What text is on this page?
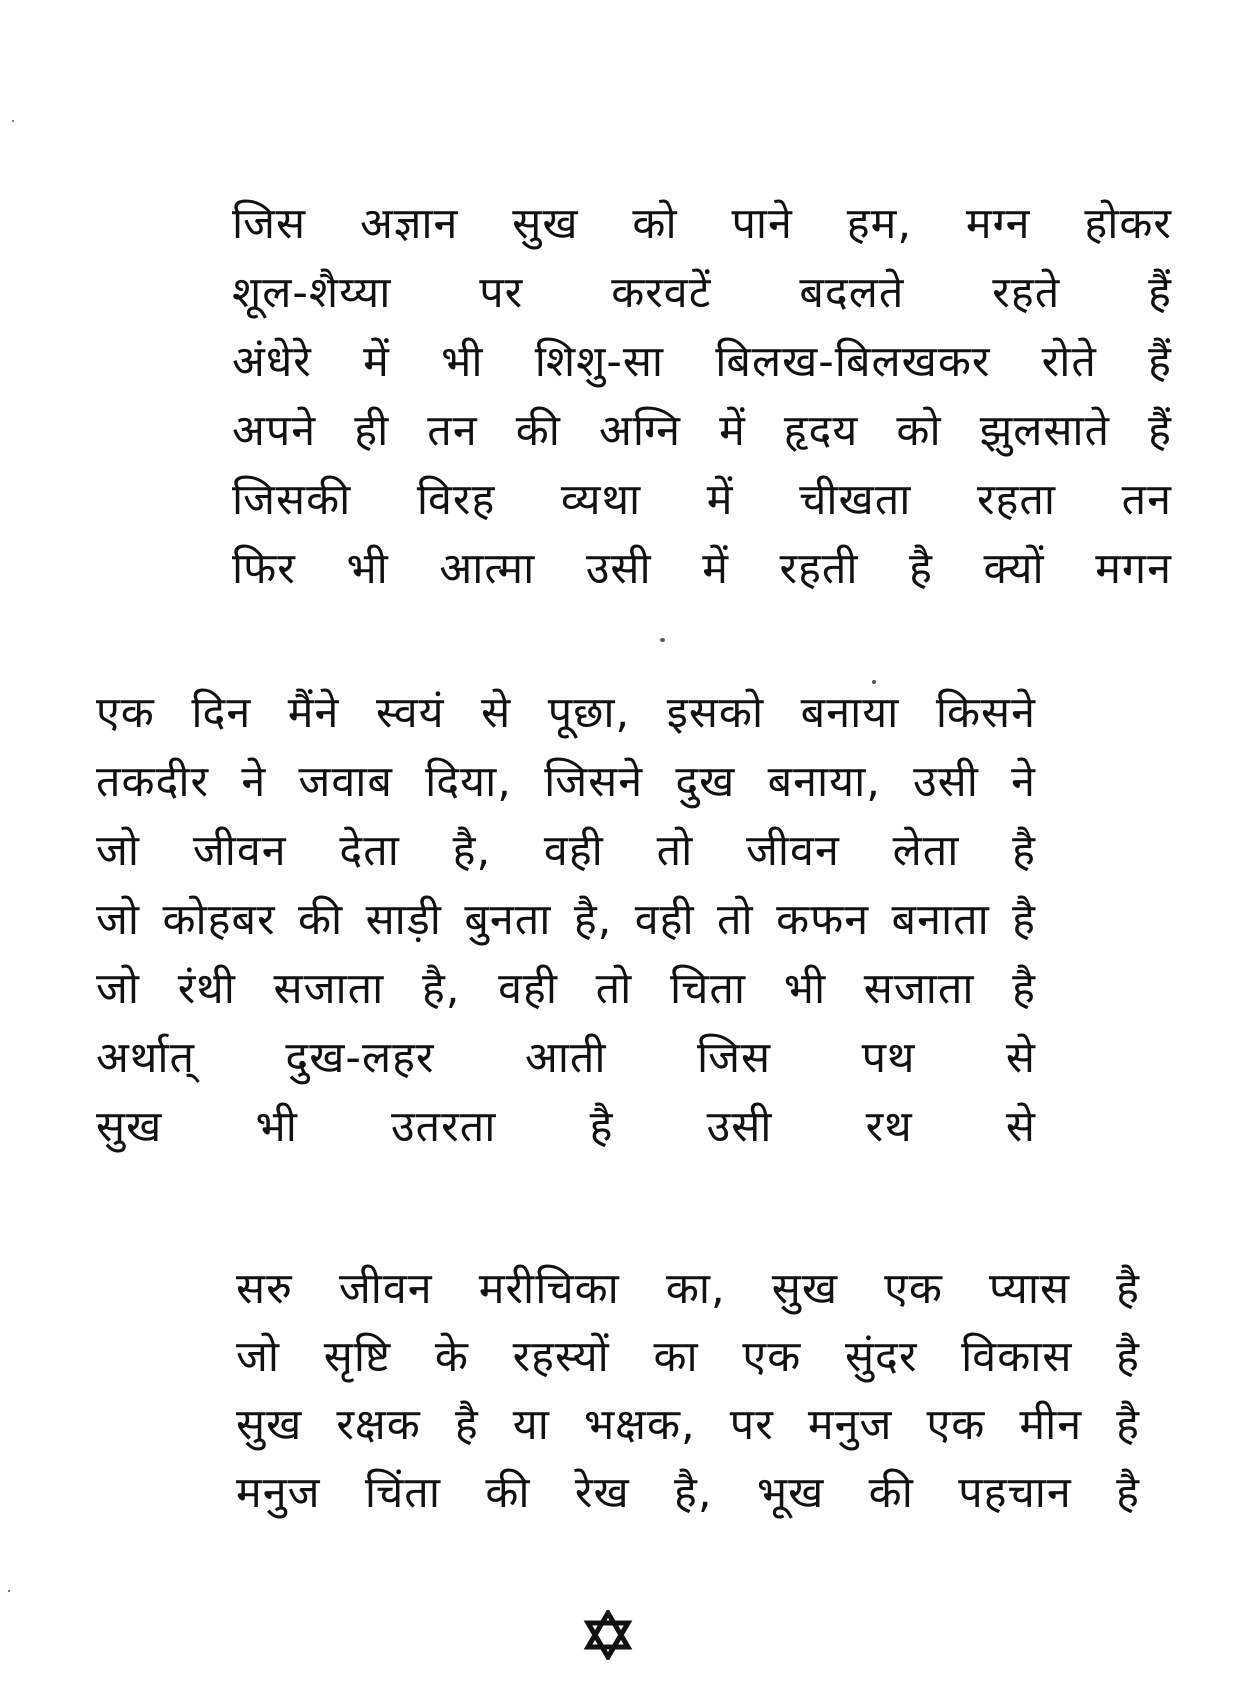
जिस अज्ञान सुख को पाने हम, मग्न होकर
शूल-शैय्या पर करवटें बदलते रहते हैं
अंधेरे में भी शिशु-सा बिलख-बिलखकर रोते हैं
अपने ही तन की अग्नि में हृदय को झुलसाते हैं
जिसकी विरह व्यथा में चीखता रहता तन
फिर भी आत्मा उसी में रहती है क्यों मगन
एक दिन मैंने स्वयं से पूछा, इसको बनाया किसने
तकदीर ने जवाब दिया, जिसने दुख बनाया, उसी ने
जो जीवन देता है, वही तो जीवन लेता है
जो कोहबर की साड़ी बुनता है, वही तो कफन बनाता है
जो रंथी सजाता है, वही तो चिता भी सजाता है
अर्थात् दुख-लहर आती जिस पथ से
सुख भी उतरता है उसी रथ से
सरु जीवन मरीचिका का, सुख एक प्यास है
जो सृष्टि के रहस्यों का एक सुंदर विकास है
सुख रक्षक है या भक्षक, पर मनुज एक मीन है
मनुज चिंता की रेख है, भूख की पहचान है
